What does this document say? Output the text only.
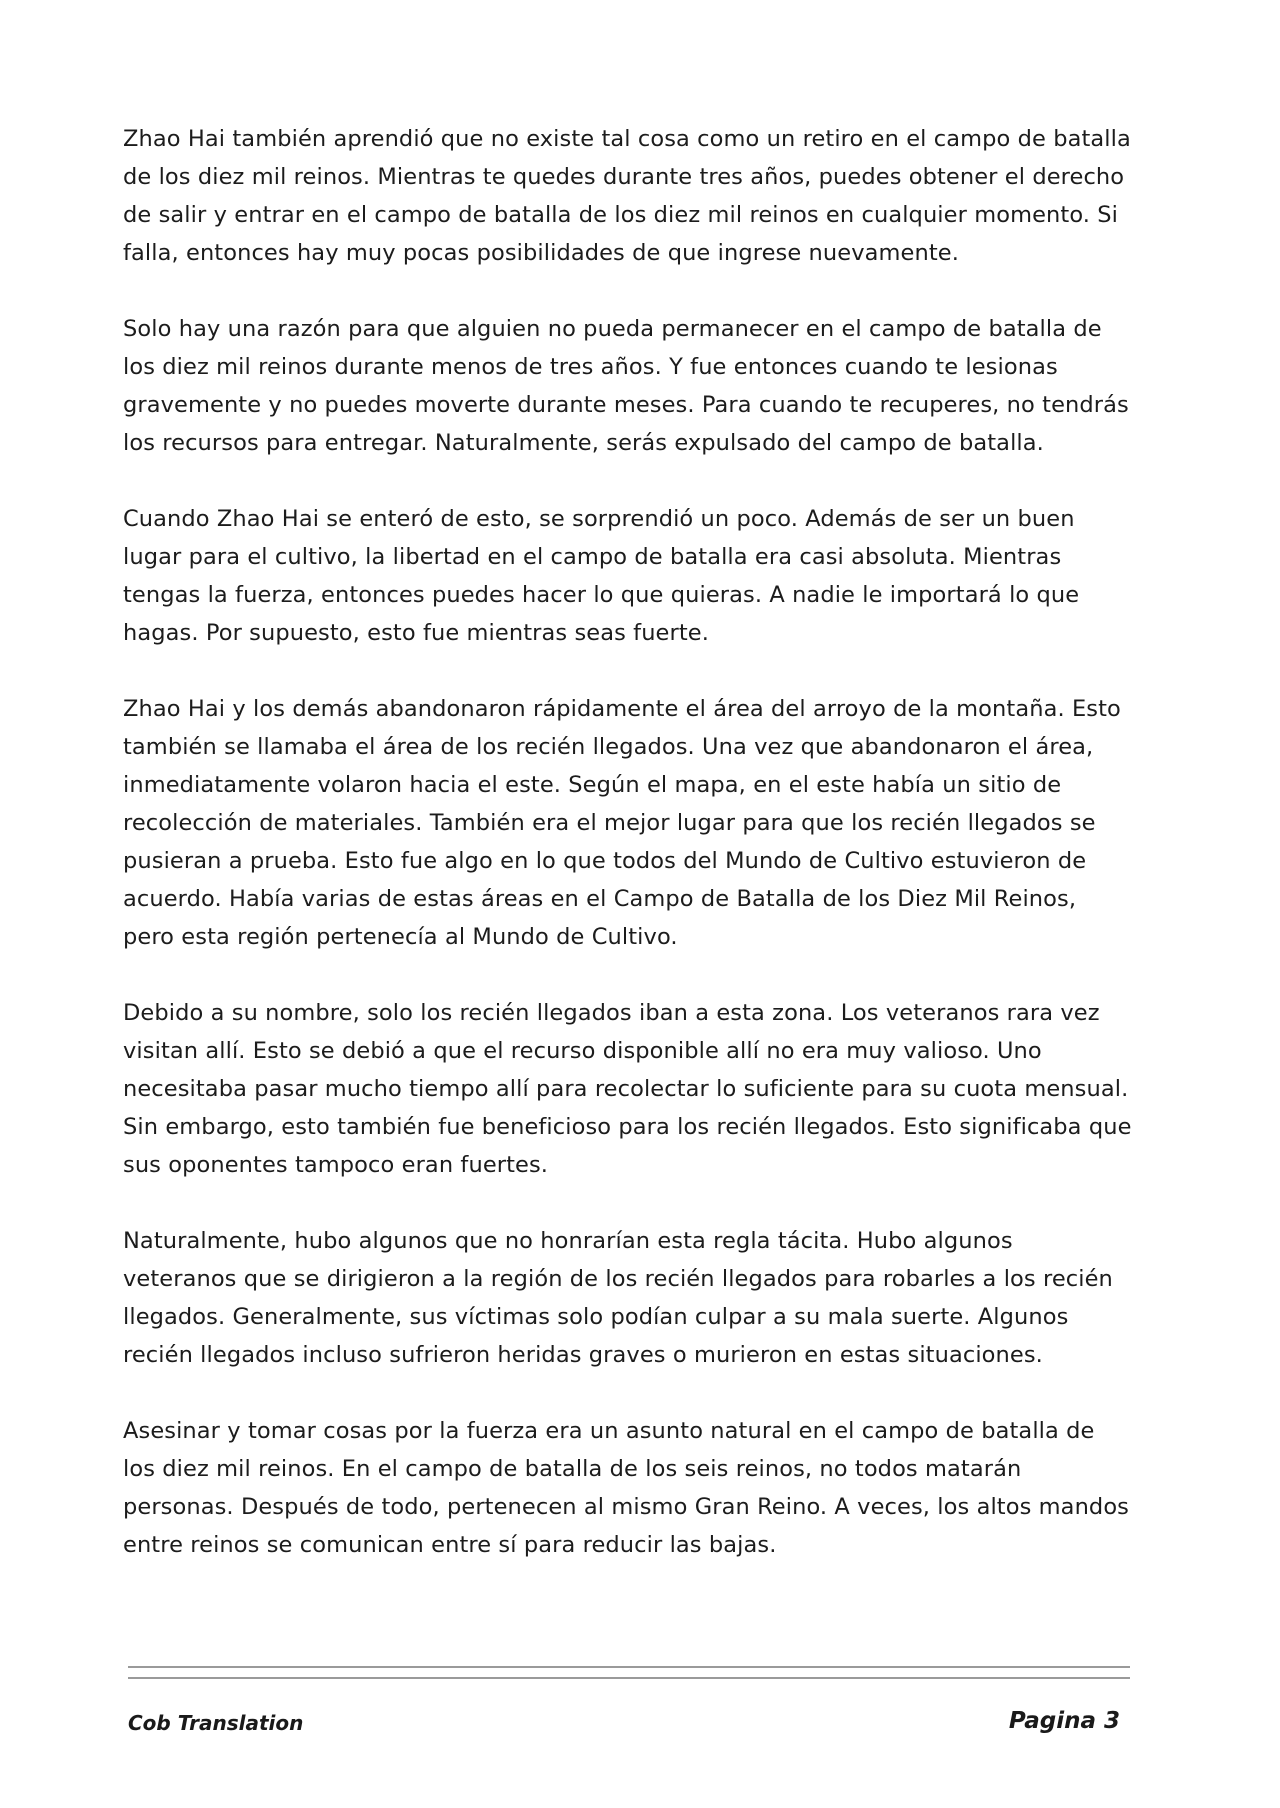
Zhao Hai también aprendió que no existe tal cosa como un retiro en el campo de batalla de los diez mil reinos. Mientras te quedes durante tres años, puedes obtener el derecho de salir y entrar en el campo de batalla de los diez mil reinos en cualquier momento. Si falla, entonces hay muy pocas posibilidades de que ingrese nuevamente.

Solo hay una razón para que alguien no pueda permanecer en el campo de batalla de los diez mil reinos durante menos de tres años. Y fue entonces cuando te lesionas gravemente y no puedes moverte durante meses. Para cuando te recuperes, no tendrás los recursos para entregar. Naturalmente, serás expulsado del campo de batalla.

Cuando Zhao Hai se enteró de esto, se sorprendió un poco. Además de ser un buen lugar para el cultivo, la libertad en el campo de batalla era casi absoluta. Mientras tengas la fuerza, entonces puedes hacer lo que quieras. A nadie le importará lo que hagas. Por supuesto, esto fue mientras seas fuerte.

Zhao Hai y los demás abandonaron rápidamente el área del arroyo de la montaña. Esto también se llamaba el área de los recién llegados. Una vez que abandonaron el área, inmediatamente volaron hacia el este. Según el mapa, en el este había un sitio de recolección de materiales. También era el mejor lugar para que los recién llegados se pusieran a prueba. Esto fue algo en lo que todos del Mundo de Cultivo estuvieron de acuerdo. Había varias de estas áreas en el Campo de Batalla de los Diez Mil Reinos, pero esta región pertenecía al Mundo de Cultivo.

Debido a su nombre, solo los recién llegados iban a esta zona. Los veteranos rara vez visitan allí. Esto se debió a que el recurso disponible allí no era muy valioso. Uno necesitaba pasar mucho tiempo allí para recolectar lo suficiente para su cuota mensual. Sin embargo, esto también fue beneficioso para los recién llegados. Esto significaba que sus oponentes tampoco eran fuertes.

Naturalmente, hubo algunos que no honrarían esta regla tácita. Hubo algunos veteranos que se dirigieron a la región de los recién llegados para robarles a los recién llegados. Generalmente, sus víctimas solo podían culpar a su mala suerte. Algunos recién llegados incluso sufrieron heridas graves o murieron en estas situaciones.

Asesinar y tomar cosas por la fuerza era un asunto natural en el campo de batalla de los diez mil reinos. En el campo de batalla de los seis reinos, no todos matarán personas. Después de todo, pertenecen al mismo Gran Reino. A veces, los altos mandos entre reinos se comunican entre sí para reducir las bajas.

Cob Translation	Pagina 3
